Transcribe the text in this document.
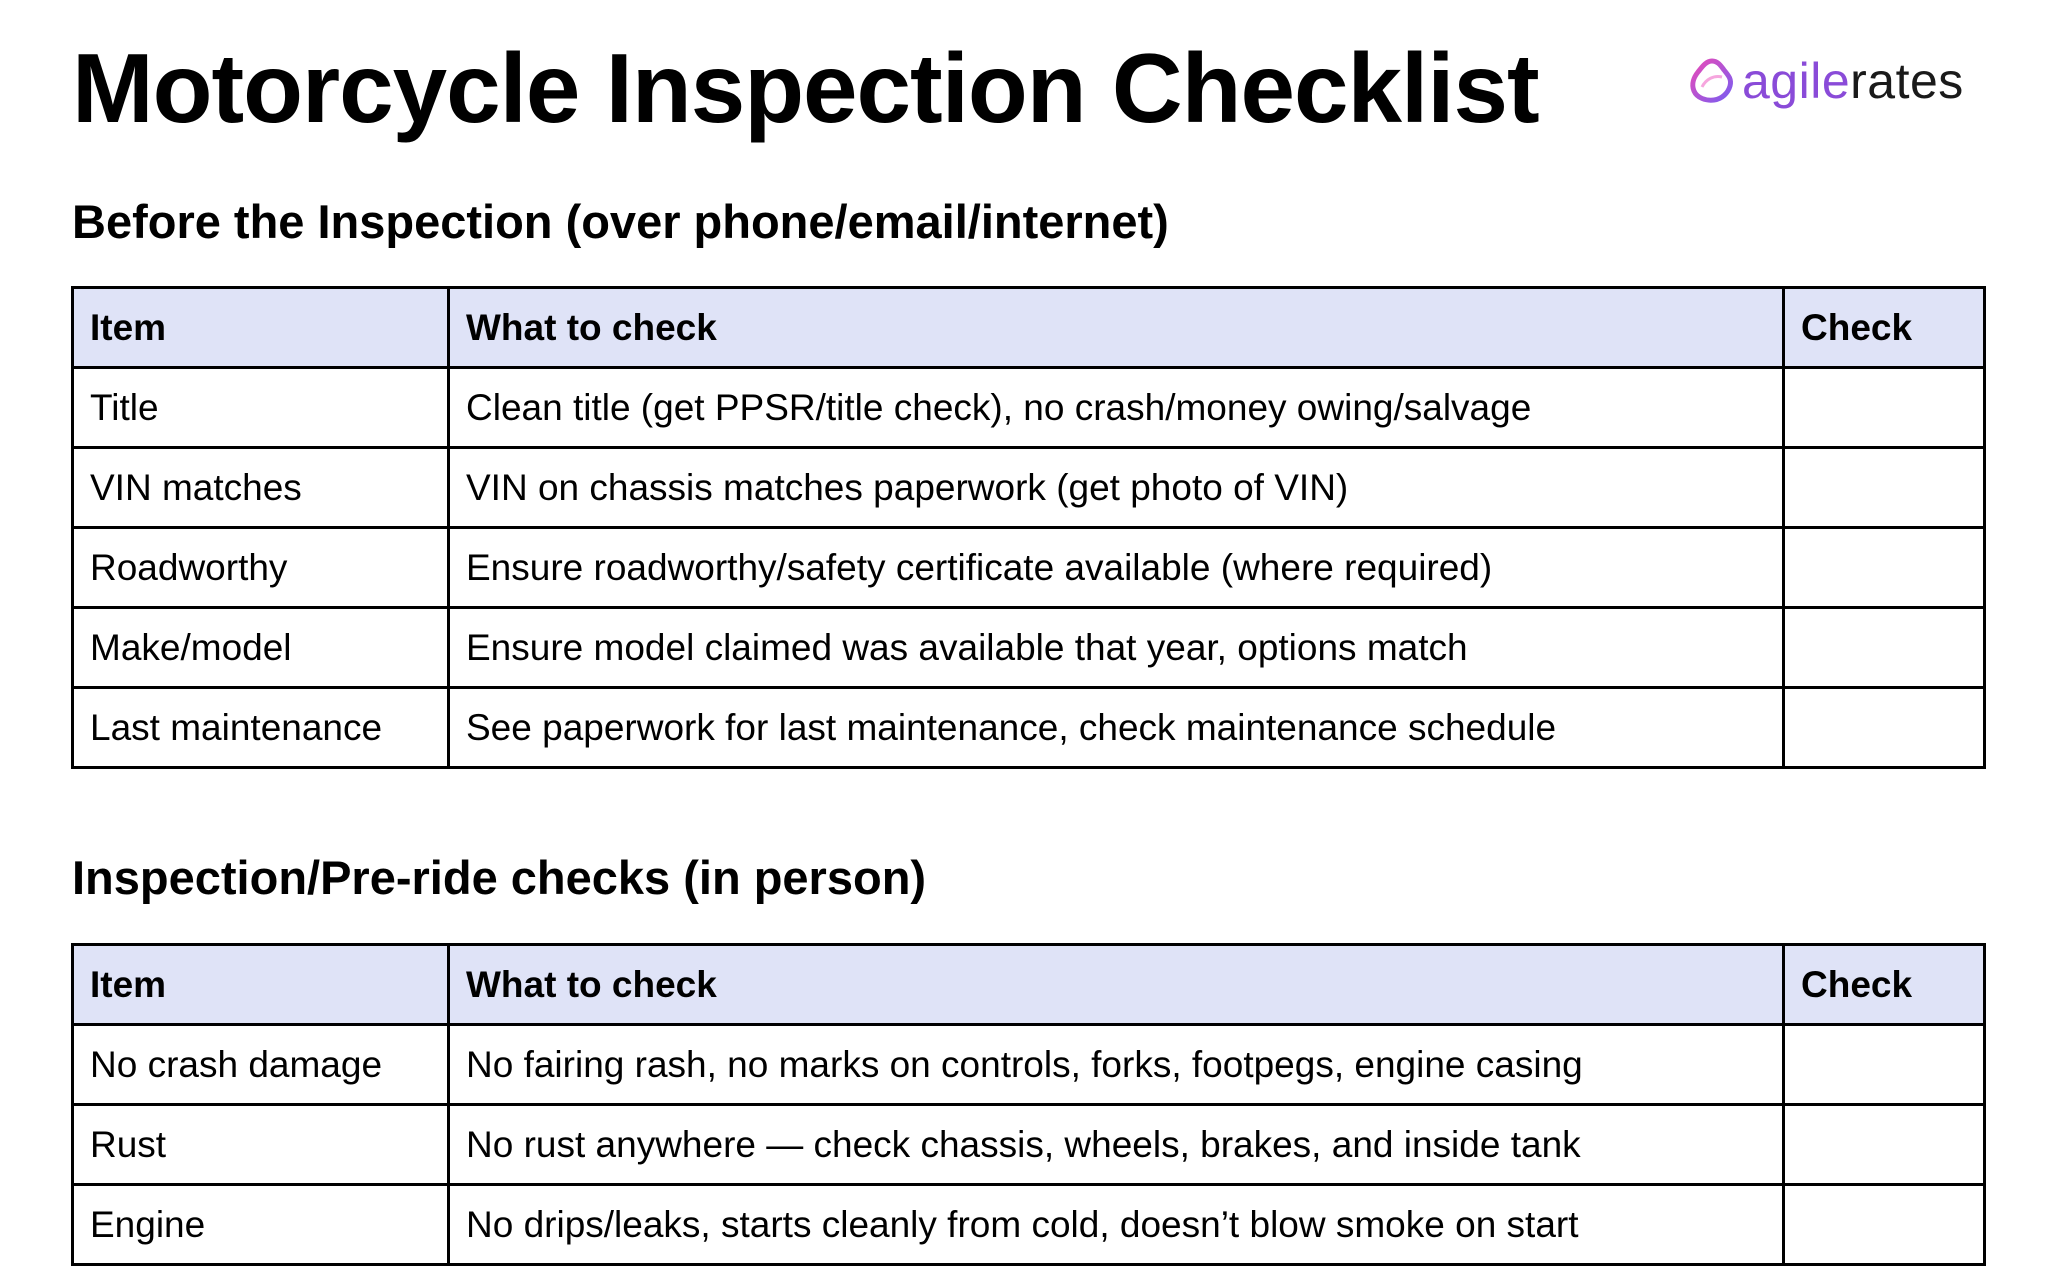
Motorcycle Inspection Checklist	agilerates
Before the Inspection (over phone/email/internet)
Item	What to check	Check
Title	Clean title (get PPSR/title check), no crash/money owing/salvage	
VIN matches	VIN on chassis matches paperwork (get photo of VIN)	
Roadworthy	Ensure roadworthy/safety certificate available (where required)	
Make/model	Ensure model claimed was available that year, options match	
Last maintenance	See paperwork for last maintenance, check maintenance schedule	
Inspection/Pre-ride checks (in person)
Item	What to check	Check
No crash damage	No fairing rash, no marks on controls, forks, footpegs, engine casing	
Rust	No rust anywhere — check chassis, wheels, brakes, and inside tank	
Engine	No drips/leaks, starts cleanly from cold, doesn’t blow smoke on start	
